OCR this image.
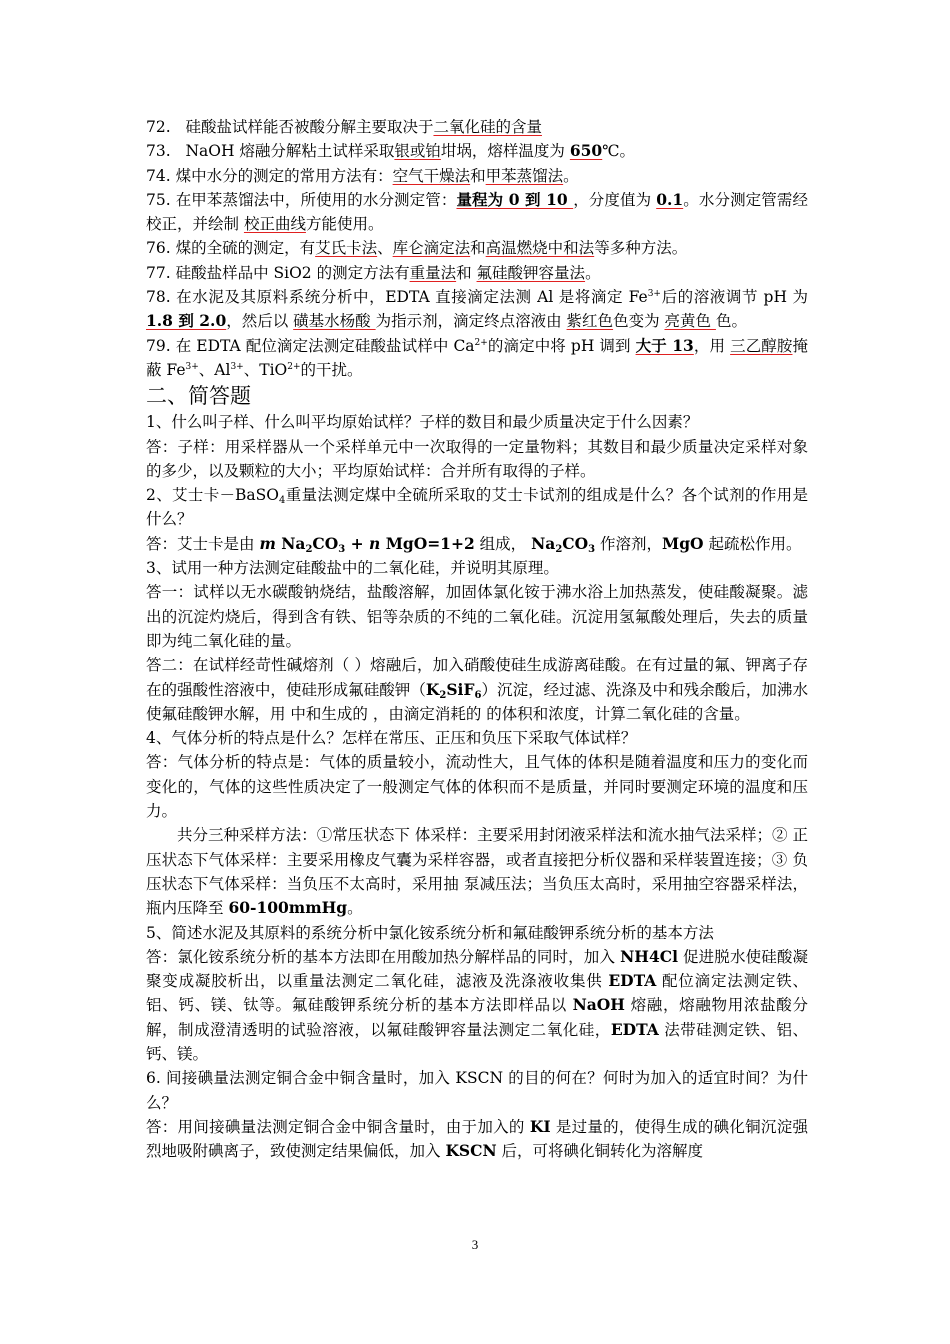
72. 硅酸盐试样能否被酸分解主要取决于二氧化硅的含量

73. NaOH 熔融分解粘土试样采取银或铂坩埚，熔样温度为 650℃。

74. 煤中水分的测定的常用方法有：空气干燥法和甲苯蒸馏法。

75. 在甲苯蒸馏法中，所使用的水分测定管：量程为 0 到 10 ，分度值为 0.1。水分测定管需经校正，并绘制 校正曲线方能使用。

76. 煤的全硫的测定，有艾氏卡法、库仑滴定法和高温燃烧中和法等多种方法。

77. 硅酸盐样品中 SiO2 的测定方法有重量法和 氟硅酸钾容量法。

78. 在水泥及其原料系统分析中，EDTA 直接滴定法测 Al 是将滴定 $Fe^{3+}$后的溶液调节 pH 为 1.8 到 2.0，然后以 磺基水杨酸 为指示剂，滴定终点溶液由 紫红色色变为 亮黄色 色。

79. 在 EDTA 配位滴定法测定硅酸盐试样中 $Ca^{2+}$的滴定中将 pH 调到 大于 13，用 三乙醇胺掩蔽 $Fe^{3+}$、$Al^{3+}$、TiO$^{2+}$的干扰。

二、简答题

1、什么叫子样、什么叫平均原始试样？子样的数目和最少质量决定于什么因素？

答：子样：用采样器从一个采样单元中一次取得的一定量物料；其数目和最少质量决定采样对象的多少，以及颗粒的大小；平均原始试样：合并所有取得的子样。

2、艾士卡－BaSO$_4$重量法测定煤中全硫所采取的艾士卡试剂的组成是什么？各个试剂的作用是什么？

答：艾士卡是由 m $Na_2CO_3 + n$ MgO=1+2 组成， $Na_2CO_3$ 作溶剂，MgO 起疏松作用。

3、试用一种方法测定硅酸盐中的二氧化硅，并说明其原理。

答一：试样以无水碳酸钠烧结，盐酸溶解，加固体氯化铵于沸水浴上加热蒸发，使硅酸凝聚。滤出的沉淀灼烧后，得到含有铁、铝等杂质的不纯的二氧化硅。沉淀用氢氟酸处理后，失去的质量即为纯二氧化硅的量。

答二：在试样经苛性碱熔剂（ ）熔融后，加入硝酸使硅生成游离硅酸。在有过量的氟、钾离子存在的强酸性溶液中，使硅形成氟硅酸钾$(K_2SiF_6)$沉淀，经过滤、洗涤及中和残余酸后，加沸水使氟硅酸钾水解，用 中和生成的 ，由滴定消耗的 的体积和浓度，计算二氧化硅的含量。

4、气体分析的特点是什么？怎样在常压、正压和负压下采取气体试样？

答：气体分析的特点是：气体的质量较小，流动性大，且气体的体积是随着温度和压力的变化而变化的，气体的这些性质决定了一般测定气体的体积而不是质量，并同时要测定环境的温度和压力。

共分三种采样方法：①常压状态下 体采样：主要采用封闭液采样法和流水抽气法采样；② 正压状态下气体采样：主要采用橡皮气囊为采样容器，或者直接把分析仪器和采样装置连接；③ 负压状态下气体采样：当负压不太高时，采用抽 泵减压法；当负压太高时，采用抽空容器采样法，瓶内压降至 60-100mmHg。

5、简述水泥及其原料的系统分析中氯化铵系统分析和氟硅酸钾系统分析的基本方法

答：氯化铵系统分析的基本方法即在用酸加热分解样品的同时，加入 NH4Cl 促进脱水使硅酸凝聚变成凝胶析出，以重量法测定二氧化硅，滤液及洗涤液收集供 EDTA 配位滴定法测定铁、铝、钙、镁、钛等。氟硅酸钾系统分析的基本方法即样品以 NaOH 熔融，熔融物用浓盐酸分解，制成澄清透明的试验溶液，以氟硅酸钾容量法测定二氧化硅，EDTA 法带硅测定铁、铝、钙、镁。

6. 间接碘量法测定铜合金中铜含量时，加入 KSCN 的目的何在？何时为加入的适宜时间？为什么？

答：用间接碘量法测定铜合金中铜含量时，由于加入的 KI 是过量的，使得生成的碘化铜沉淀强烈地吸附碘离子，致使测定结果偏低，加入 KSCN 后，可将碘化铜转化为溶解度

3
